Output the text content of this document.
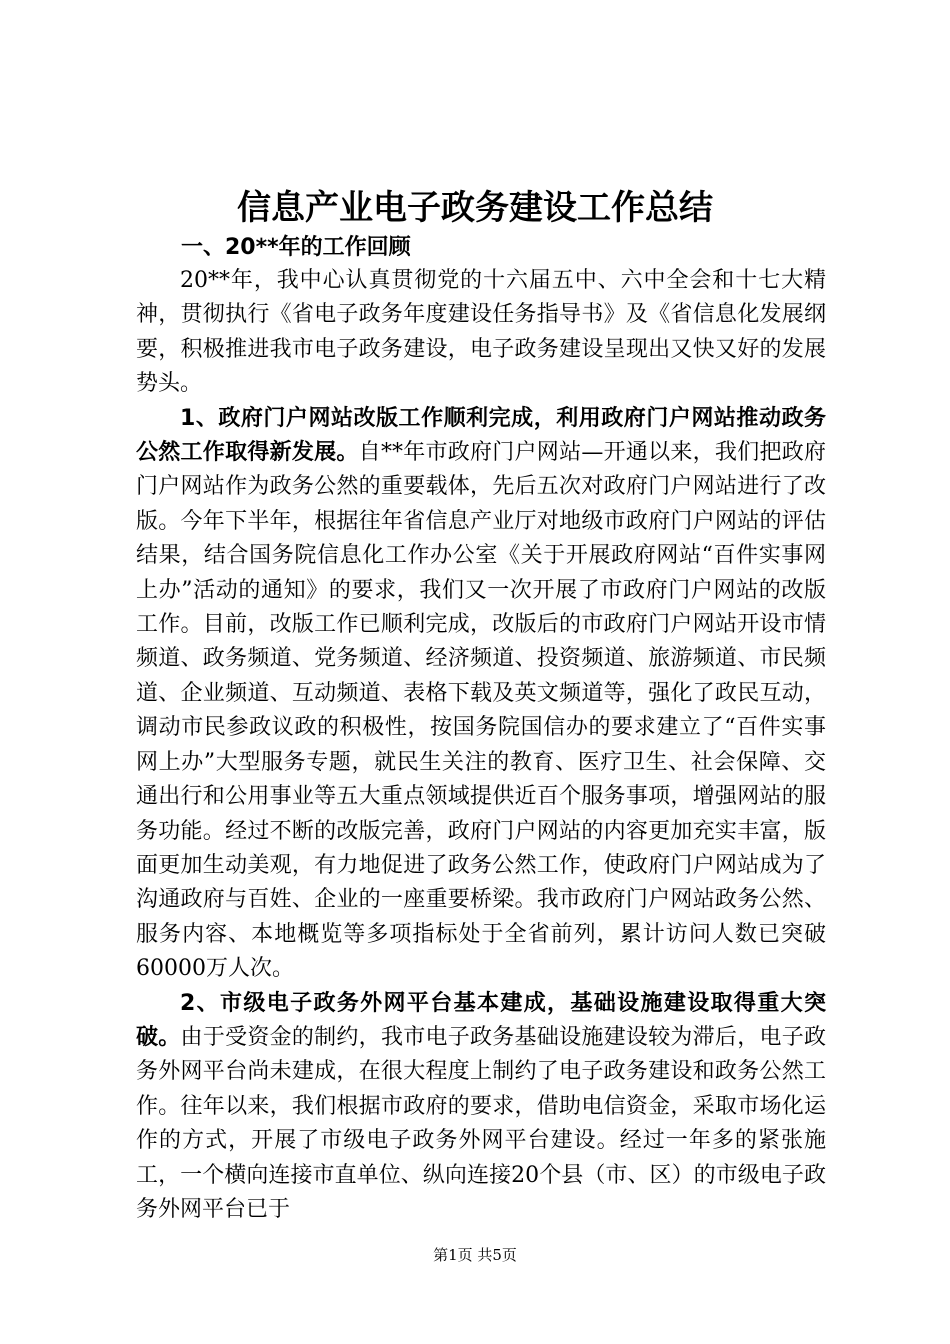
信息产业电子政务建设工作总结
一、20**年的工作回顾

20**年，我中心认真贯彻党的十六届五中、六中全会和十七大精神，贯彻执行《省电子政务年度建设任务指导书》及《省信息化发展纲要，积极推进我市电子政务建设，电子政务建设呈现出又快又好的发展势头。

1、政府门户网站改版工作顺利完成，利用政府门户网站推动政务公然工作取得新发展。自**年市政府门户网站—开通以来，我们把政府门户网站作为政务公然的重要载体，先后五次对政府门户网站进行了改版。今年下半年，根据往年省信息产业厅对地级市政府门户网站的评估结果，结合国务院信息化工作办公室《关于开展政府网站“百件实事网上办”活动的通知》的要求，我们又一次开展了市政府门户网站的改版工作。目前，改版工作已顺利完成，改版后的市政府门户网站开设市情频道、政务频道、党务频道、经济频道、投资频道、旅游频道、市民频道、企业频道、互动频道、表格下载及英文频道等，强化了政民互动，调动市民参政议政的积极性，按国务院国信办的要求建立了“百件实事网上办”大型服务专题，就民生关注的教育、医疗卫生、社会保障、交通出行和公用事业等五大重点领域提供近百个服务事项，增强网站的服务功能。经过不断的改版完善，政府门户网站的内容更加充实丰富，版面更加生动美观，有力地促进了政务公然工作，使政府门户网站成为了沟通政府与百姓、企业的一座重要桥梁。我市政府门户网站政务公然、服务内容、本地概览等多项指标处于全省前列，累计访问人数已突破60000万人次。

2、市级电子政务外网平台基本建成，基础设施建设取得重大突破。由于受资金的制约，我市电子政务基础设施建设较为滞后，电子政务外网平台尚未建成，在很大程度上制约了电子政务建设和政务公然工作。往年以来，我们根据市政府的要求，借助电信资金，采取市场化运作的方式，开展了市级电子政务外网平台建设。经过一年多的紧张施工，一个横向连接市直单位、纵向连接20个县（市、区）的市级电子政务外网平台已于

第1页 共5页
